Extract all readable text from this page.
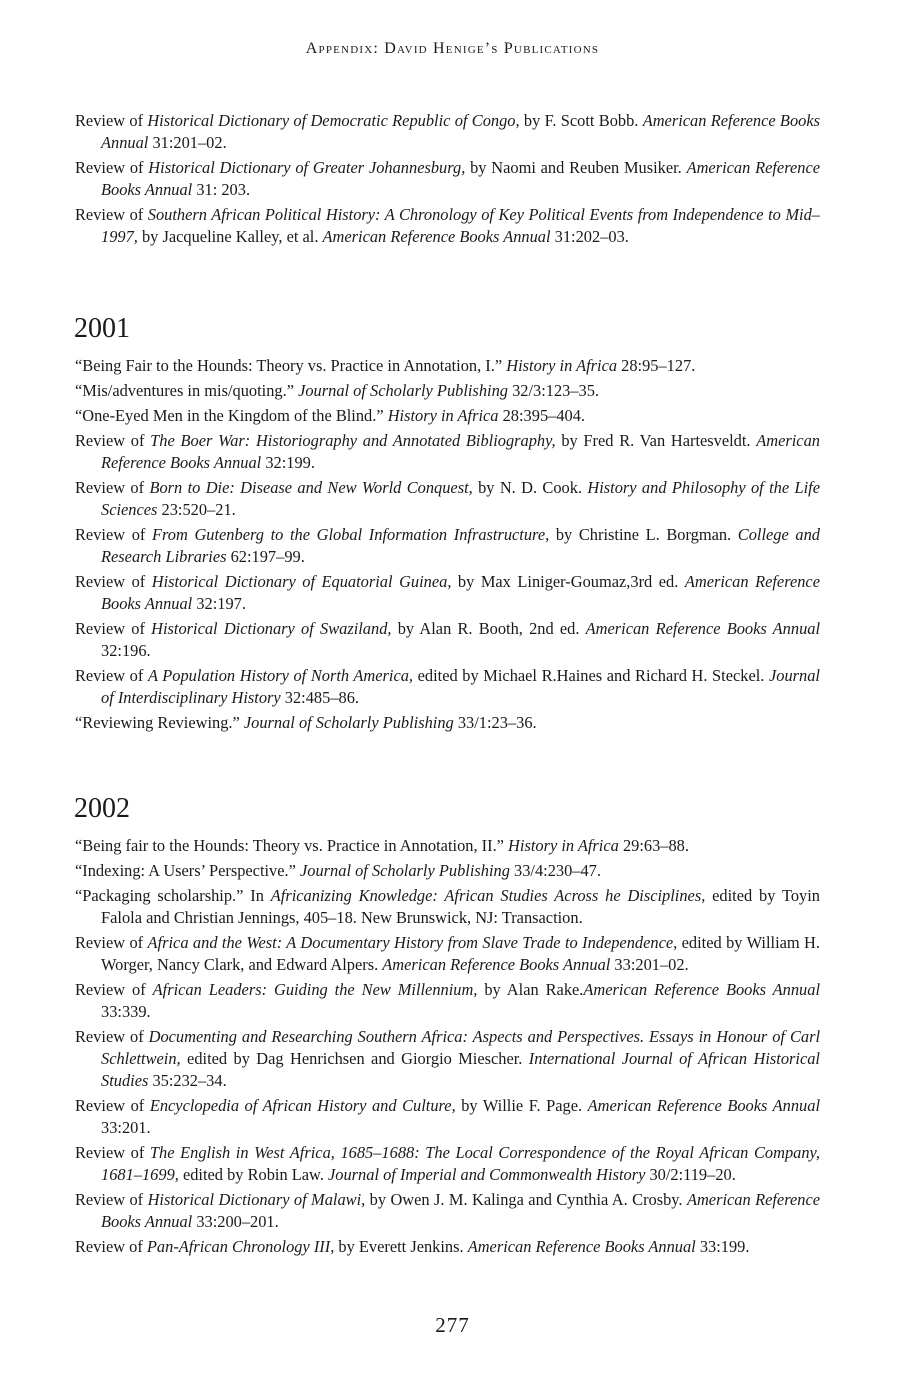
Appendix: David Henige’s Publications

Review of Historical Dictionary of Democratic Republic of Congo, by F. Scott Bobb. American Reference Books Annual 31:201–02.

Review of Historical Dictionary of Greater Johannesburg, by Naomi and Reuben Musiker. American Reference Books Annual 31: 203.

Review of Southern African Political History: A Chronology of Key Political Events from Independence to Mid–1997, by Jacqueline Kalley, et al. American Reference Books Annual 31:202–03.

2001

“Being Fair to the Hounds: Theory vs. Practice in Annotation, I.” History in Africa 28:95–127.

“Mis/adventures in mis/quoting.” Journal of Scholarly Publishing 32/3:123–35.

“One-Eyed Men in the Kingdom of the Blind.” History in Africa 28:395–404.

Review of The Boer War: Historiography and Annotated Bibliography, by Fred R. Van Hartesveldt. American Reference Books Annual 32:199.

Review of Born to Die: Disease and New World Conquest, by N. D. Cook. History and Philosophy of the Life Sciences 23:520–21.

Review of From Gutenberg to the Global Information Infrastructure, by Christine L. Borgman. College and Research Libraries 62:197–99.

Review of Historical Dictionary of Equatorial Guinea, by Max Liniger-Goumaz,3rd ed. American Reference Books Annual 32:197.

Review of Historical Dictionary of Swaziland, by Alan R. Booth, 2nd ed. American Reference Books Annual 32:196.

Review of A Population History of North America, edited by Michael R.Haines and Richard H. Steckel. Journal of Interdisciplinary History 32:485–86.

“Reviewing Reviewing.” Journal of Scholarly Publishing 33/1:23–36.

2002

“Being fair to the Hounds: Theory vs. Practice in Annotation, II.” History in Africa 29:63–88.

“Indexing: A Users’ Perspective.” Journal of Scholarly Publishing 33/4:230–47.

“Packaging scholarship.” In Africanizing Knowledge: African Studies Across he Disciplines, edited by Toyin Falola and Christian Jennings, 405–18. New Brunswick, NJ: Transaction.

Review of Africa and the West: A Documentary History from Slave Trade to Independence, edited by William H. Worger, Nancy Clark, and Edward Alpers. American Reference Books Annual 33:201–02.

Review of African Leaders: Guiding the New Millennium, by Alan Rake.American Reference Books Annual 33:339.

Review of Documenting and Researching Southern Africa: Aspects and Perspectives. Essays in Honour of Carl Schlettwein, edited by Dag Henrichsen and Giorgio Miescher. International Journal of African Historical Studies 35:232–34.

Review of Encyclopedia of African History and Culture, by Willie F. Page. American Reference Books Annual 33:201.

Review of The English in West Africa, 1685–1688: The Local Correspondence of the Royal African Company, 1681–1699, edited by Robin Law. Journal of Imperial and Commonwealth History 30/2:119–20.

Review of Historical Dictionary of Malawi, by Owen J. M. Kalinga and Cynthia A. Crosby. American Reference Books Annual 33:200–201.

Review of Pan-African Chronology III, by Everett Jenkins. American Reference Books Annual 33:199.

277
